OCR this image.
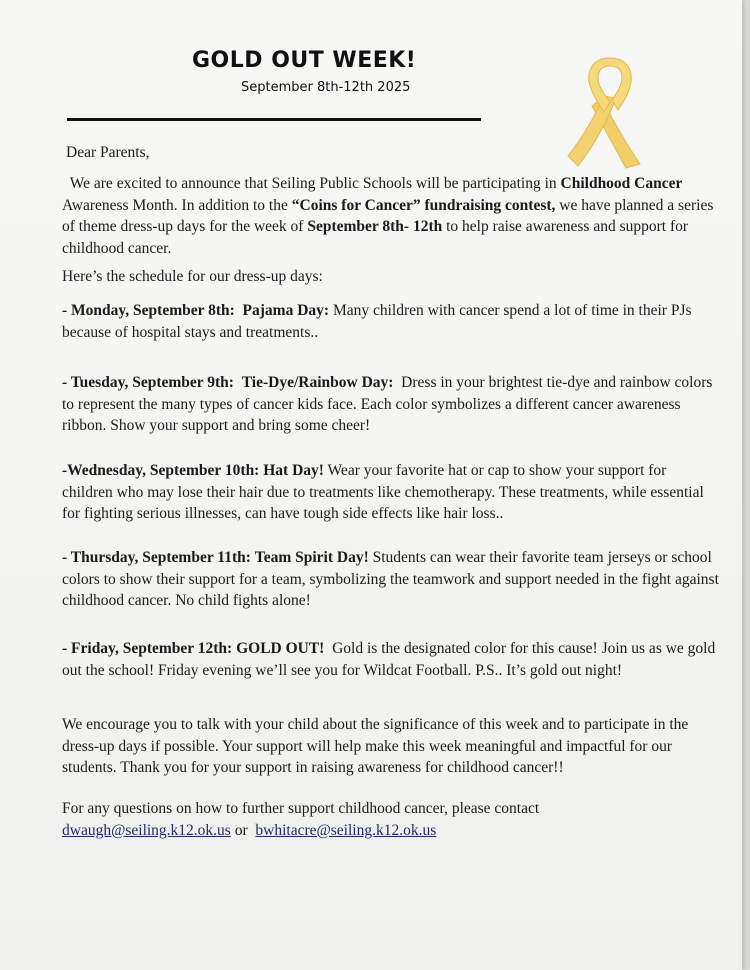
GOLD OUT WEEK!
September 8th-12th 2025
Dear Parents,
We are excited to announce that Seiling Public Schools will be participating in Childhood Cancer Awareness Month. In addition to the “Coins for Cancer” fundraising contest, we have planned a series of theme dress-up days for the week of September 8th- 12th to help raise awareness and support for childhood cancer.
Here’s the schedule for our dress-up days:
- Monday, September 8th: Pajama Day: Many children with cancer spend a lot of time in their PJs because of hospital stays and treatments..
- Tuesday, September 9th: Tie-Dye/Rainbow Day: Dress in your brightest tie-dye and rainbow colors to represent the many types of cancer kids face. Each color symbolizes a different cancer awareness ribbon. Show your support and bring some cheer!
-Wednesday, September 10th: Hat Day! Wear your favorite hat or cap to show your support for children who may lose their hair due to treatments like chemotherapy. These treatments, while essential for fighting serious illnesses, can have tough side effects like hair loss..
- Thursday, September 11th: Team Spirit Day! Students can wear their favorite team jerseys or school colors to show their support for a team, symbolizing the teamwork and support needed in the fight against childhood cancer. No child fights alone!
- Friday, September 12th: GOLD OUT! Gold is the designated color for this cause! Join us as we gold out the school! Friday evening we’ll see you for Wildcat Football. P.S.. It’s gold out night!
We encourage you to talk with your child about the significance of this week and to participate in the dress-up days if possible. Your support will help make this week meaningful and impactful for our students. Thank you for your support in raising awareness for childhood cancer!!
For any questions on how to further support childhood cancer, please contact
dwaugh@seiling.k12.ok.us or bwhitacre@seiling.k12.ok.us
